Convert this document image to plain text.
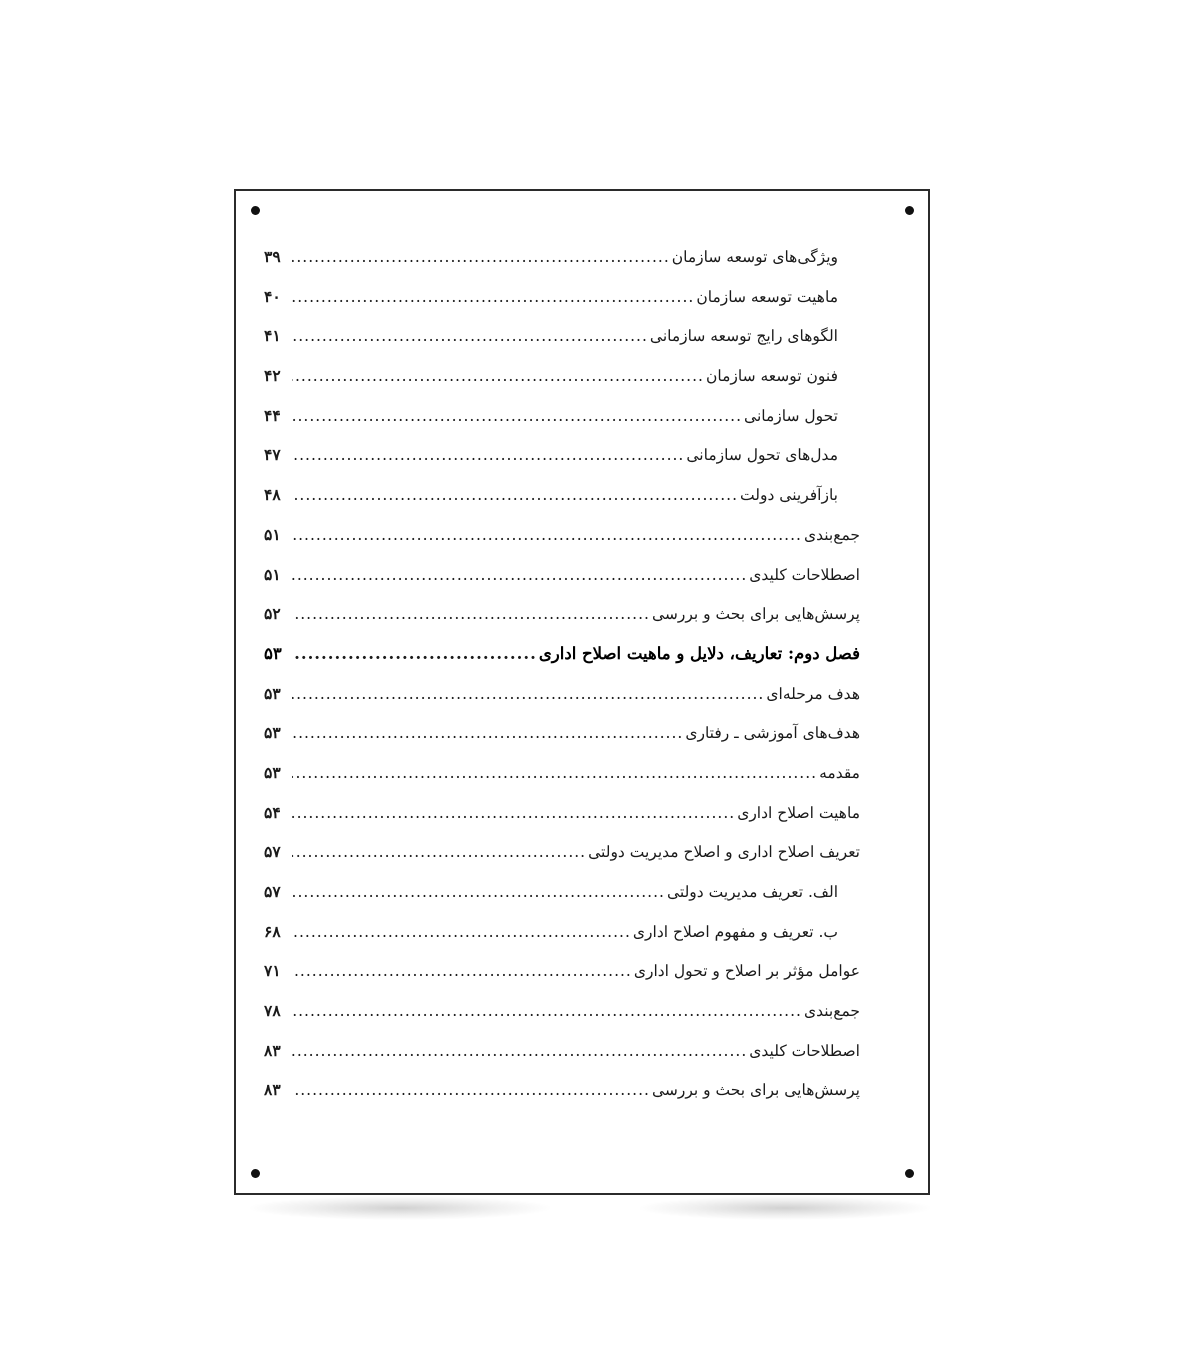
ویژگی‌های توسعه سازمان
.....
۳۹
ماهیت توسعه سازمان
.....
۴۰
الگوهای رایج توسعه سازمانی
.....
۴۱
فنون توسعه سازمان
.....
۴۲
تحول سازمانی
.....
۴۴
مدل‌های تحول سازمانی
.....
۴۷
بازآفرینی دولت
.....
۴۸
جمع‌بندی
.....
۵۱
اصطلاحات کلیدی
.....
۵۱
پرسش‌هایی برای بحث و بررسی
.....
۵۲
فصل دوم: تعاریف، دلایل و ماهیت اصلاح اداری
.....
۵۳
هدف مرحله‌ای
.....
۵۳
هدف‌های آموزشی ـ رفتاری
.....
۵۳
مقدمه
.....
۵۳
ماهیت اصلاح اداری
.....
۵۴
تعریف اصلاح اداری و اصلاح مدیریت دولتی
.....
۵۷
الف. تعریف مدیریت دولتی
.....
۵۷
ب. تعریف و مفهوم اصلاح اداری
.....
۶۸
عوامل مؤثر بر اصلاح و تحول اداری
.....
۷۱
جمع‌بندی
.....
۷۸
اصطلاحات کلیدی
.....
۸۳
پرسش‌هایی برای بحث و بررسی
.....
۸۳
